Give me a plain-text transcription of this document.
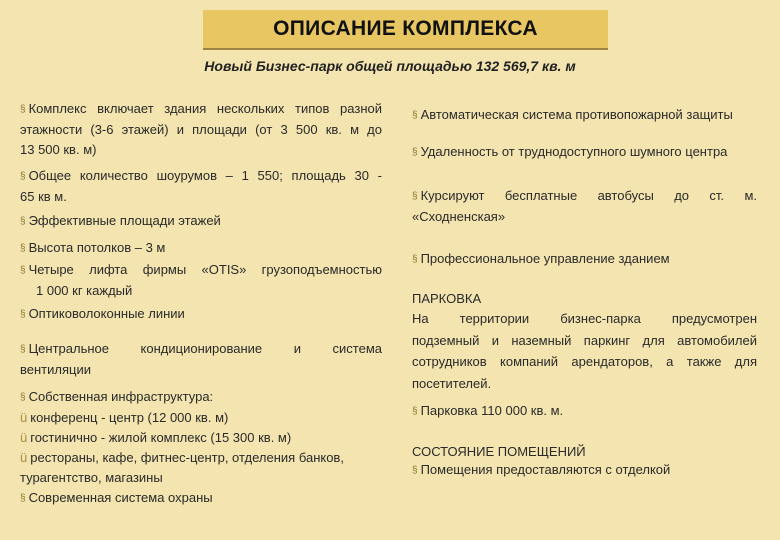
ОПИСАНИЕ КОМПЛЕКСА
Новый Бизнес-парк общей площадью 132 569,7 кв. м
§ Комплекс включает здания нескольких типов разной
этажности (3-6 этажей) и площади (от 3 500 кв. м до
13 500 кв. м)
§ Общее количество шоурумов – 1 550; площадь 30 -
65 кв м.
§ Эффективные площади этажей
§ Высота потолков – 3 м
§ Четыре лифта фирмы «OTIS» грузоподъемностью
1 000 кг каждый
§ Оптиковолоконные линии
§ Центральное кондиционирование и система
вентиляции
§ Собственная инфраструктура:
ü конференц - центр (12 000 кв. м)
ü гостинично - жилой комплекс (15 300 кв. м)
ü рестораны, кафе, фитнес-центр, отделения банков,
турагентство, магазины
§ Современная система охраны
§ Автоматическая система противопожарной защиты
§ Удаленность от труднодоступного шумного центра
§ Курсируют бесплатные автобусы до ст. м.
«Сходненская»
§ Профессиональное управление зданием
ПАРКОВКА
На территории бизнес-парка предусмотрен
подземный и наземный паркинг для автомобилей
сотрудников компаний арендаторов, а также для
посетителей.
§ Парковка 110 000 кв. м.
СОСТОЯНИЕ ПОМЕЩЕНИЙ
§ Помещения предоставляются с отделкой
